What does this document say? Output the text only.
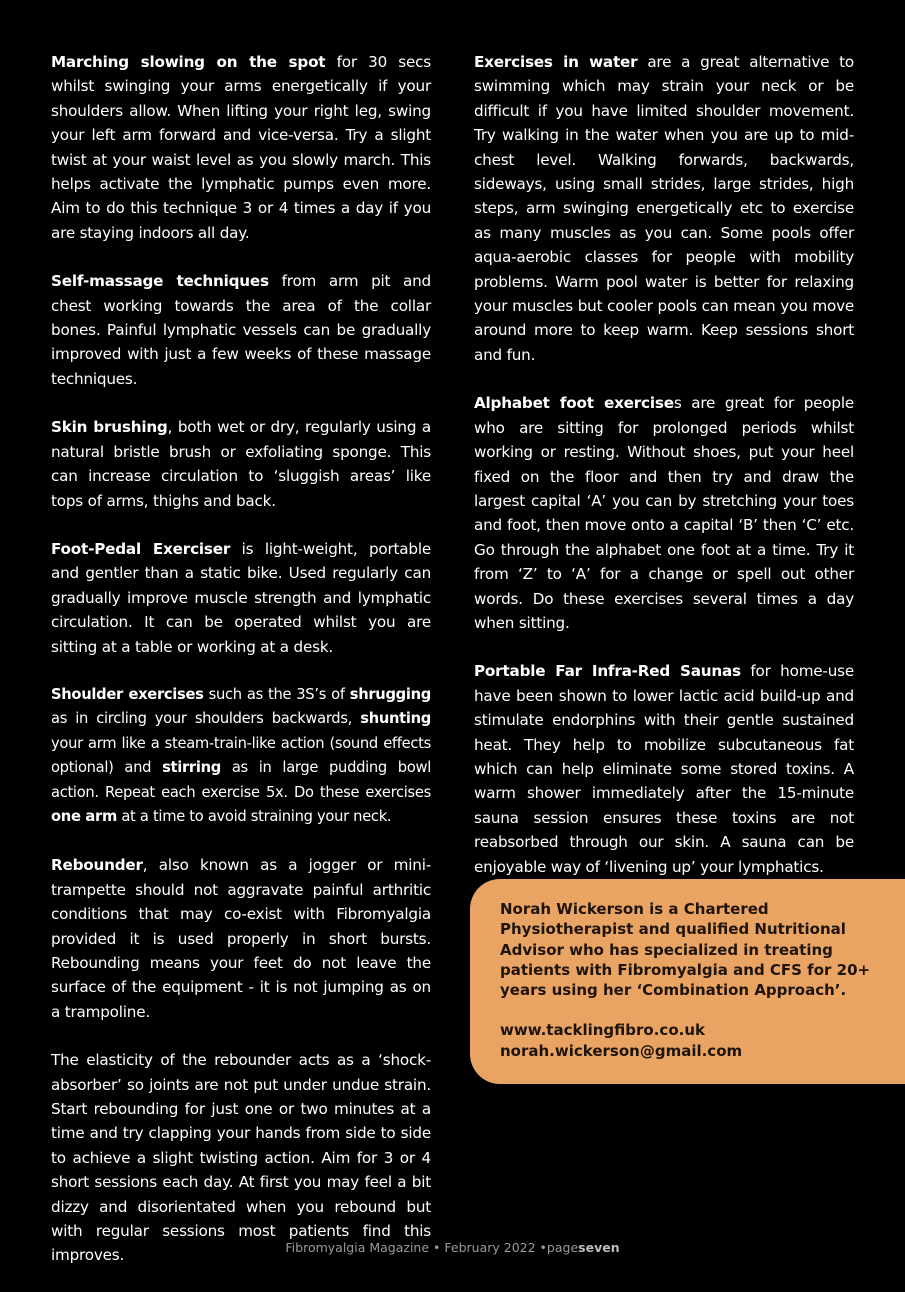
Marching slowing on the spot for 30 secs whilst swinging your arms energetically if your shoulders allow. When lifting your right leg, swing your left arm forward and vice-versa. Try a slight twist at your waist level as you slowly march. This helps activate the lymphatic pumps even more. Aim to do this technique 3 or 4 times a day if you are staying indoors all day.

Self-massage techniques from arm pit and chest working towards the area of the collar bones. Painful lymphatic vessels can be gradually improved with just a few weeks of these massage techniques.

Skin brushing, both wet or dry, regularly using a natural bristle brush or exfoliating sponge. This can increase circulation to ‘sluggish areas’ like tops of arms, thighs and back.

Foot-Pedal Exerciser is light-weight, portable and gentler than a static bike. Used regularly can gradually improve muscle strength and lymphatic circulation. It can be operated whilst you are sitting at a table or working at a desk.

Shoulder exercises such as the 3S’s of shrugging as in circling your shoulders backwards, shunting your arm like a steam-train-like action (sound effects optional) and stirring as in large pudding bowl action. Repeat each exercise 5x. Do these exercises one arm at a time to avoid straining your neck.

Rebounder, also known as a jogger or mini-trampette should not aggravate painful arthritic conditions that may co-exist with Fibromyalgia provided it is used properly in short bursts. Rebounding means your feet do not leave the surface of the equipment - it is not jumping as on a trampoline.

The elasticity of the rebounder acts as a ‘shock-absorber’ so joints are not put under undue strain. Start rebounding for just one or two minutes at a time and try clapping your hands from side to side to achieve a slight twisting action. Aim for 3 or 4 short sessions each day. At first you may feel a bit dizzy and disorientated when you rebound but with regular sessions most patients find this improves.

Exercises in water are a great alternative to swimming which may strain your neck or be difficult if you have limited shoulder movement. Try walking in the water when you are up to mid-chest level. Walking forwards, backwards, sideways, using small strides, large strides, high steps, arm swinging energetically etc to exercise as many muscles as you can. Some pools offer aqua-aerobic classes for people with mobility problems. Warm pool water is better for relaxing your muscles but cooler pools can mean you move around more to keep warm. Keep sessions short and fun.

Alphabet foot exercises are great for people who are sitting for prolonged periods whilst working or resting. Without shoes, put your heel fixed on the floor and then try and draw the largest capital ‘A’ you can by stretching your toes and foot, then move onto a capital ‘B’ then ‘C’ etc. Go through the alphabet one foot at a time. Try it from ‘Z’ to ‘A’ for a change or spell out other words. Do these exercises several times a day when sitting.

Portable Far Infra-Red Saunas for home-use have been shown to lower lactic acid build-up and stimulate endorphins with their gentle sustained heat. They help to mobilize subcutaneous fat which can help eliminate some stored toxins. A warm shower immediately after the 15-minute sauna session ensures these toxins are not reabsorbed through our skin. A sauna can be enjoyable way of ‘livening up’ your lymphatics.

Norah Wickerson is a Chartered Physiotherapist and qualified Nutritional Advisor who has specialized in treating patients with Fibromyalgia and CFS for 20+ years using her ‘Combination Approach’.
www.tacklingfibro.co.uk
norah.wickerson@gmail.com
Fibromyalgia Magazine • February 2022 •pageseven
